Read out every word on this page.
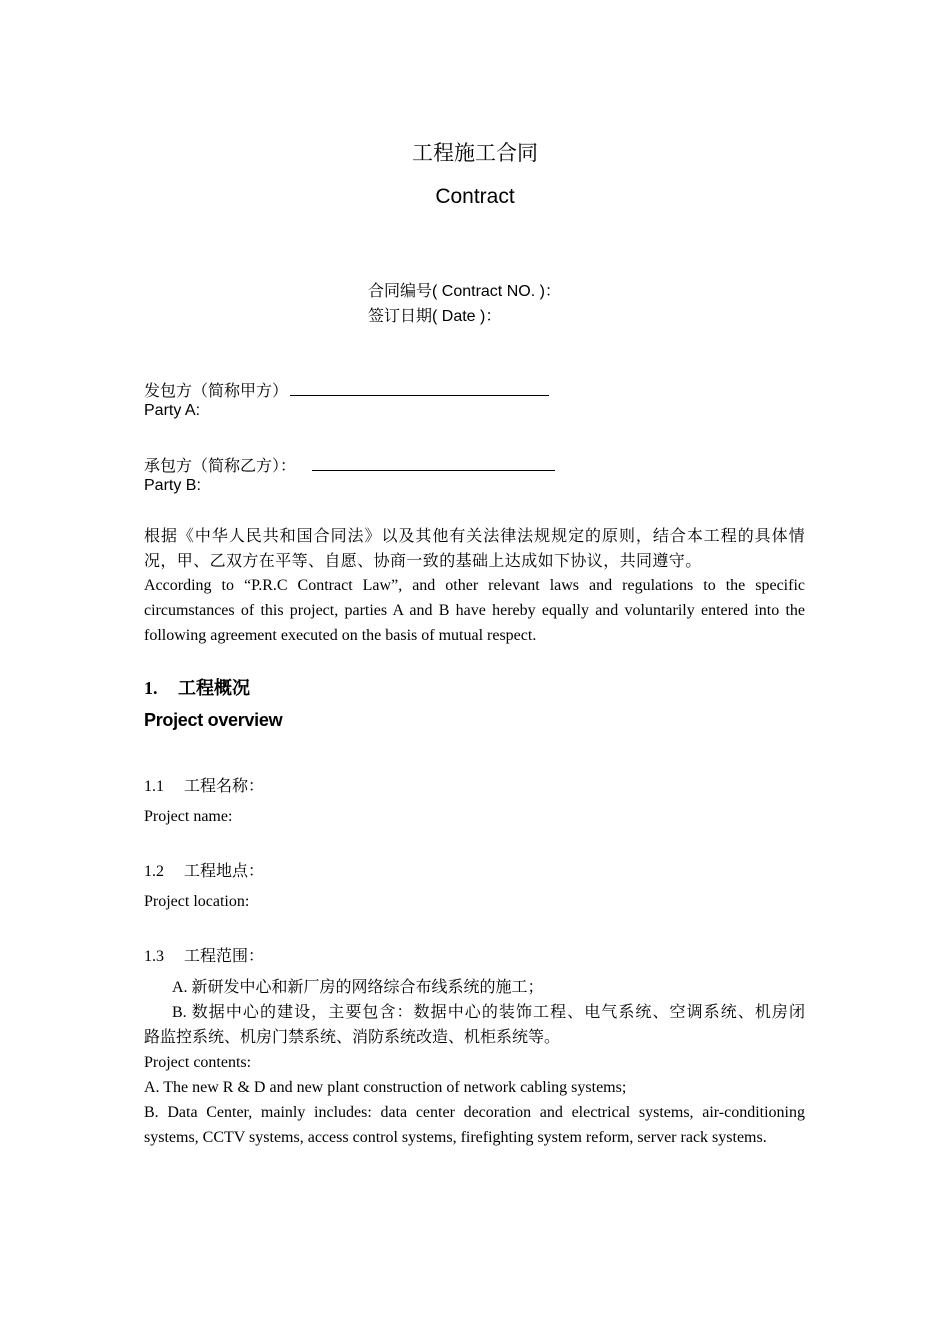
工程施工合同
Contract
合同编号( Contract NO. )：
签订日期( Date )：
发包方（简称甲方）
Party A:
承包方（简称乙方）：
Party B:
根据《中华人民共和国合同法》以及其他有关法律法规规定的原则，结合本工程的具体情况，甲、乙双方在平等、自愿、协商一致的基础上达成如下协议，共同遵守。
According to “P.R.C Contract Law”, and other relevant laws and regulations to the specific circumstances of this project, parties A and B have hereby equally and voluntarily entered into the following agreement executed on the basis of mutual respect.
1. 工程概况
Project overview
1.1 工程名称：
Project name:
1.2 工程地点：
Project location:
1.3 工程范围：
A. 新研发中心和新厂房的网络综合布线系统的施工；
B. 数据中心的建设，主要包含：数据中心的装饰工程、电气系统、空调系统、机房闭
路监控系统、机房门禁系统、消防系统改造、机柜系统等。
Project contents:
A. The new R & D and new plant construction of network cabling systems;
B. Data Center, mainly includes: data center decoration and electrical systems, air-conditioning
systems, CCTV systems, access control systems, firefighting system reform, server rack systems.
